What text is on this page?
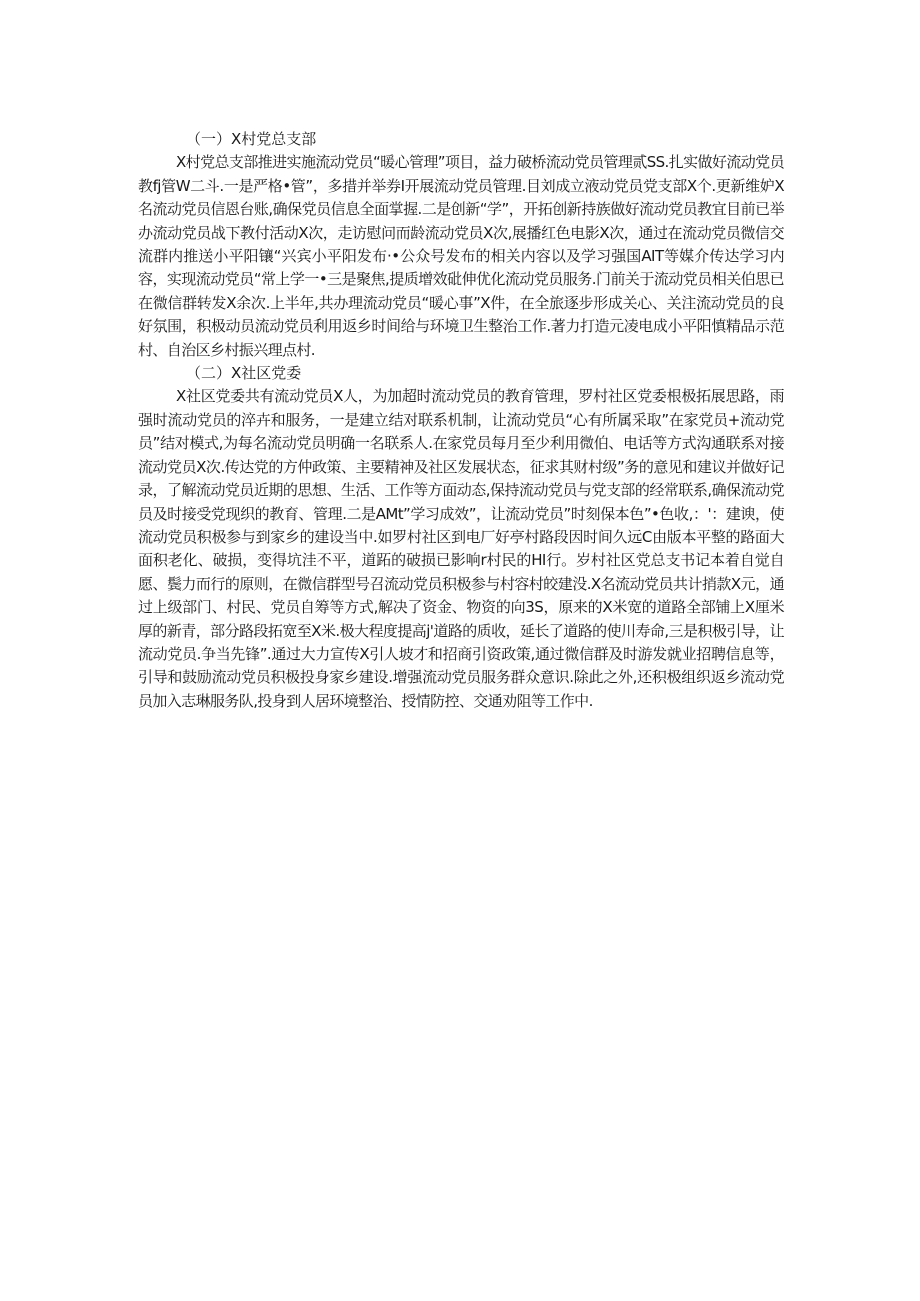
（一）X村党总支部

X村党总支部推进实施流动党员“暖心管理”项目，益力破桥流动党员管理贰SS.扎实做好流动党员教fj管W二斗.一是严格•管”，多措并举券I开展流动党员管理.目刘成立液动党员党支部X个.更新维妒X名流动党员信恩台账,确保党员信息全面掌握.二是创新“学”，开拓创新持族做好流动党员教宜目前已举办流动党员战下教付活动X次，走访慰问而龄流动党员X次,展播红色电影X次，通过在流动党员微信交流群内推送小平阳镶“兴宾小平阳发布·•公众号发布的相关内容以及学习强国AIT等媒介传达学习内容，实现流动党员“常上学一•三是聚焦,提质增效砒伸优化流动党员服务.门前关于流动党员相关伯思已在微信群转发X余次.上半年,共办理流动党员“暖心事”X件，在全旅逐步形成关心、关注流动党员的良好氛围，积极动员流动党员利用返乡时间给与环境卫生整治工作.著力打造元凌电成小平阳慎精品示范村、自治区乡村振兴理点村.

（二）X社区党委

X社区党委共有流动党员X人，为加超时流动党员的教育管理，罗村社区党委根极拓展思路，雨强时流动党员的淬卉和服务，一是建立结对联系机制，让流动党员“心有所属采取”在家党员+流动党员”结对模式,为每名流动党员明确一名联系人.在家党员每月至少利用微伯、电话等方式沟通联系对接流动党员X次.传达党的方仲政策、主要精神及社区发展状态，征求其财村级”务的意见和建议并做好记录，了解流动党员近期的思想、生活、工作等方面动态,保持流动党员与党支部的经常联系,确保流动党员及时接受党现织的教育、管理.二是AMt”学习成效”，让流动党员”时刻保本色”•色收,：'：建谀，使流动党员积极参与到家乡的建设当中.如罗村社区到电厂好亭村路段因时间久远C由版本平整的路面大面积老化、破损，变得坑洼不平，道跖的破损已影响r村民的HI行。岁村社区党总支书记本着自觉自愿、鬓力而行的原则，在微信群型号召流动党员积极参与村容村皎建没.X名流动党员共计捎款X元，通过上级部门、村民、党员自筹等方式,解决了资金、物资的向3S，原来的X米宽的道路全部铺上X厘米厚的新青，部分路段拓宽至X米.极大程度提高j'道路的质收，延长了道路的使川寿命,三是积极引导，让流动党员.争当先锋”.通过大力宣传X引人坡才和招商引资政策,通过微信群及时游发就业招聘信息等，引导和鼓励流动党员积极投身家乡建设.增强流动党员服务群众意识.除此之外,还积极组织返乡流动党员加入志琳服务队,投身到人居环境整治、授情防控、交通劝阻等工作中.
